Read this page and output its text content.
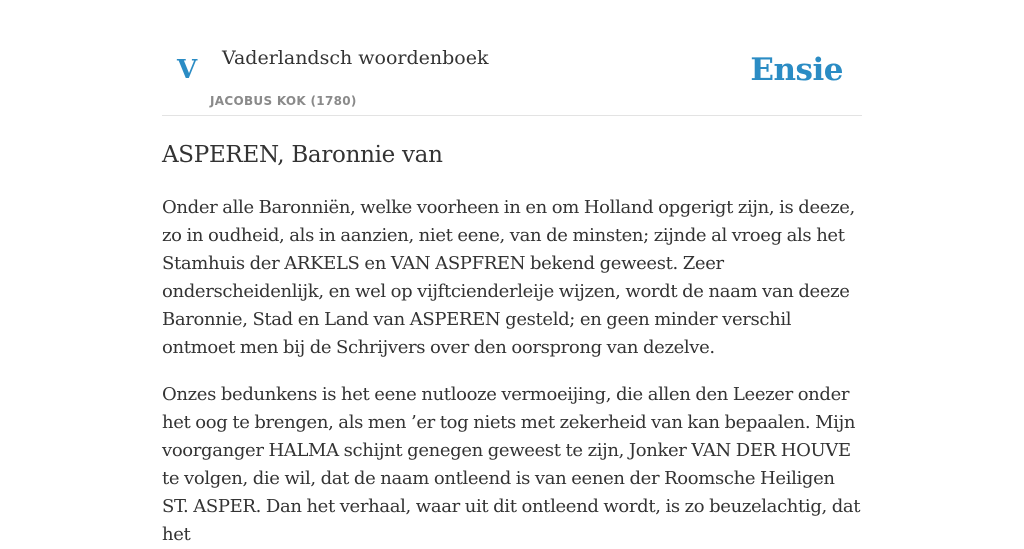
V Vaderlandsch woordenboek
JACOBUS KOK (1780)
Ensie
ASPEREN, Baronnie van

Onder alle Baronniën, welke voorheen in en om Holland opgerigt zijn, is deeze, zo in oudheid, als in aanzien, niet eene, van de minsten; zijnde al vroeg als het Stamhuis der ARKELS en VAN ASPFREN bekend geweest. Zeer onderscheidenlijk, en wel op vijftcienderleije wijzen, wordt de naam van deeze Baronnie, Stad en Land van ASPEREN gesteld; en geen minder verschil ontmoet men bij de Schrijvers over den oorsprong van dezelve.

Onzes bedunkens is het eene nutlooze vermoeijing, die allen den Leezer onder het oog te brengen, als men ’er tog niets met zekerheid van kan bepaalen. Mijn voorganger HALMA schijnt genegen geweest te zijn, Jonker VAN DER HOUVE te volgen, die wil, dat de naam ontleend is van eenen der Roomsche Heiligen ST. ASPER. Dan het verhaal, waar uit dit ontleend wordt, is zo beuzelachtig, dat het
